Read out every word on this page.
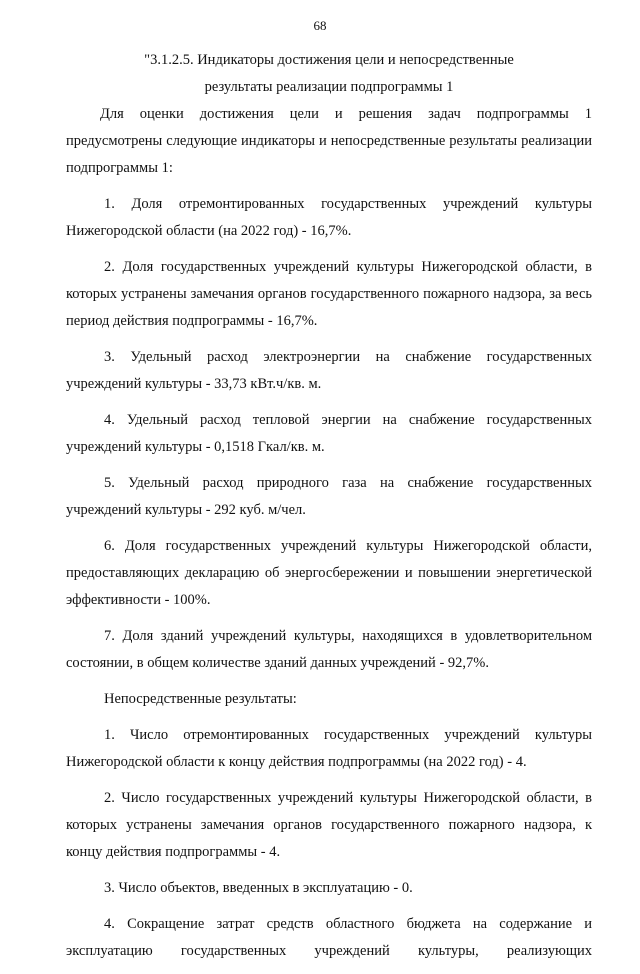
68
"3.1.2.5. Индикаторы достижения цели и непосредственные
результаты реализации подпрограммы 1

Для оценки достижения цели и решения задач подпрограммы 1 предусмотрены следующие индикаторы и непосредственные результаты реализации подпрограммы 1:

1. Доля отремонтированных государственных учреждений культуры Нижегородской области (на 2022 год) - 16,7%.

2. Доля государственных учреждений культуры Нижегородской области, в которых устранены замечания органов государственного пожарного надзора, за весь период действия подпрограммы - 16,7%.

3. Удельный расход электроэнергии на снабжение государственных учреждений культуры - 33,73 кВт.ч/кв. м.

4. Удельный расход тепловой энергии на снабжение государственных учреждений культуры - 0,1518 Гкал/кв. м.

5. Удельный расход природного газа на снабжение государственных учреждений культуры - 292 куб. м/чел.

6. Доля государственных учреждений культуры Нижегородской области, предоставляющих декларацию об энергосбережении и повышении энергетической эффективности - 100%.

7. Доля зданий учреждений культуры, находящихся в удовлетворительном состоянии, в общем количестве зданий данных учреждений - 92,7%.

Непосредственные результаты:

1. Число отремонтированных государственных учреждений культуры Нижегородской области к концу действия подпрограммы (на 2022 год) - 4.

2. Число государственных учреждений культуры Нижегородской области, в которых устранены замечания органов государственного пожарного надзора, к концу действия подпрограммы - 4.

3. Число объектов, введенных в эксплуатацию - 0.

4. Сокращение затрат средств областного бюджета на содержание и эксплуатацию государственных учреждений культуры, реализующих
